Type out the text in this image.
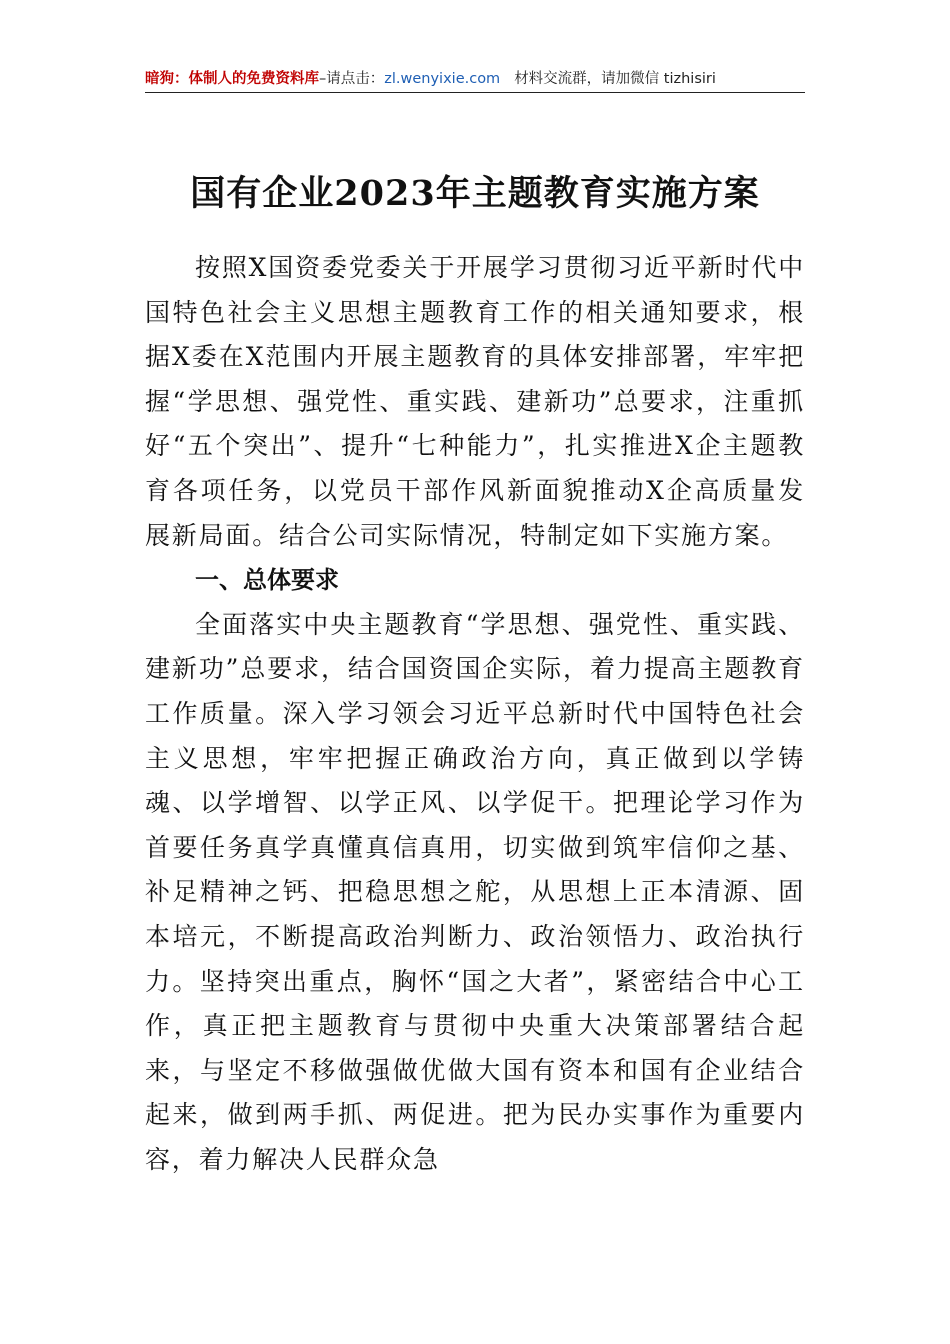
暗狗：体制人的免费资料库–请点击：zl.wenyixie.com 材料交流群，请加微信 tizhisiri
国有企业2023年主题教育实施方案

按照X国资委党委关于开展学习贯彻习近平新时代中国特色社会主义思想主题教育工作的相关通知要求，根据X委在X范围内开展主题教育的具体安排部署，牢牢把握“学思想、强党性、重实践、建新功”总要求，注重抓好“五个突出”、提升“七种能力”，扎实推进X企主题教育各项任务，以党员干部作风新面貌推动X企高质量发展新局面。结合公司实际情况，特制定如下实施方案。

一、总体要求

全面落实中央主题教育“学思想、强党性、重实践、建新功”总要求，结合国资国企实际，着力提高主题教育工作质量。深入学习领会习近平总新时代中国特色社会主义思想，牢牢把握正确政治方向，真正做到以学铸魂、以学增智、以学正风、以学促干。把理论学习作为首要任务真学真懂真信真用，切实做到筑牢信仰之基、补足精神之钙、把稳思想之舵，从思想上正本清源、固本培元，不断提高政治判断力、政治领悟力、政治执行力。坚持突出重点，胸怀“国之大者”，紧密结合中心工作，真正把主题教育与贯彻中央重大决策部署结合起来，与坚定不移做强做优做大国有资本和国有企业结合起来，做到两手抓、两促进。把为民办实事作为重要内容，着力解决人民群众急
